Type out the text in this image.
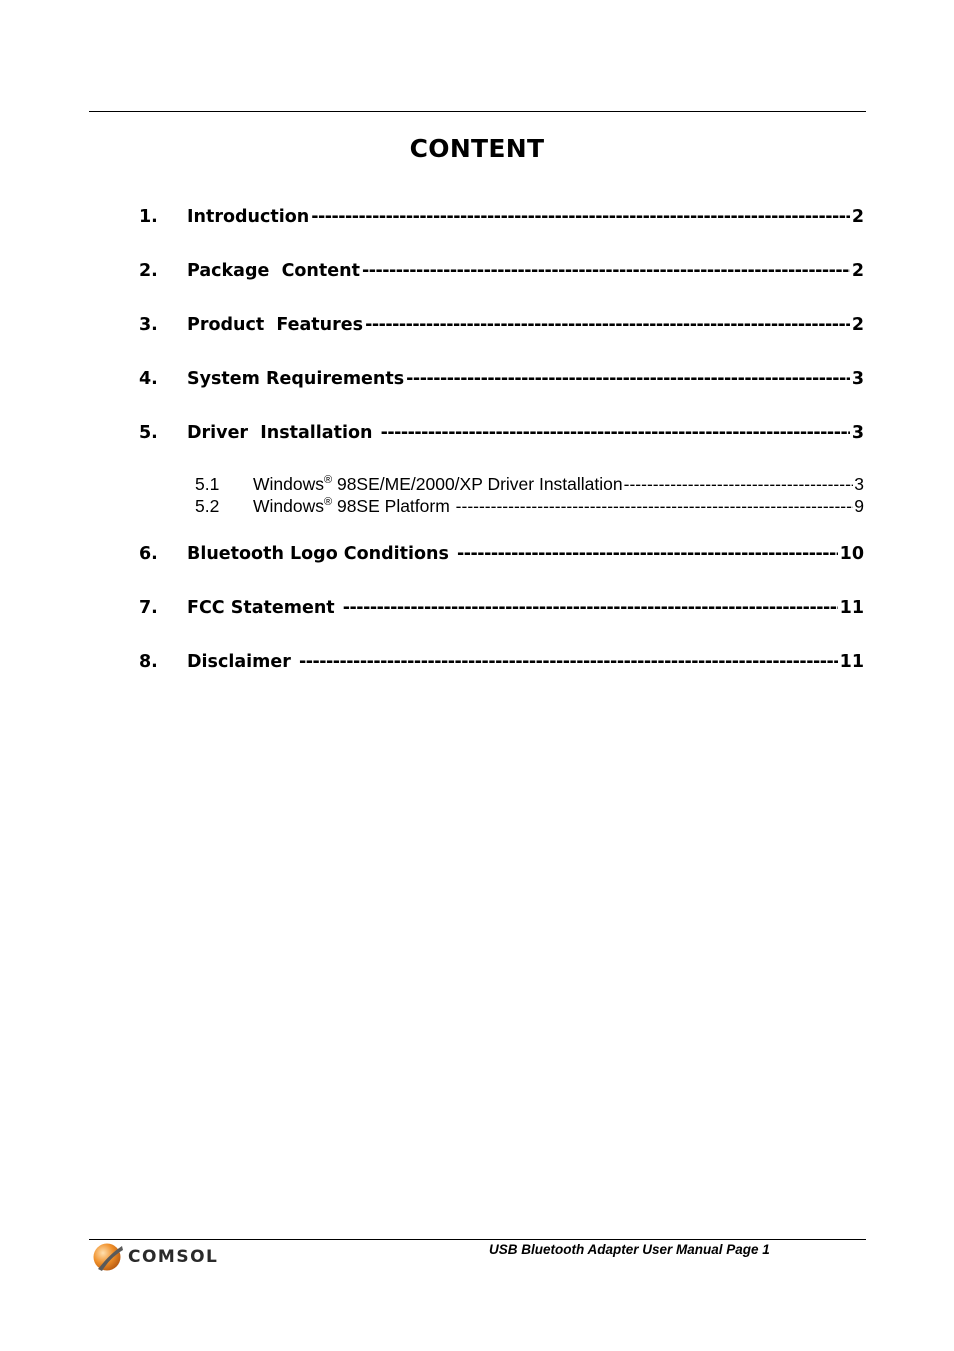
CONTENT
1.	Introduction -----	2
2.	Package  Content -----	2
3.	Product  Features -----	2
4.	System Requirements -----	3
5.	Driver  Installation -----	3
5.1	Windows® 98SE/ME/2000/XP Driver Installation -----	3
5.2	Windows® 98SE Platform -----	9
6.	Bluetooth Logo Conditions -----	10
7.	FCC Statement -----	11
8.	Disclaimer -----	11
COMSOL	USB Bluetooth Adapter User Manual Page 1
